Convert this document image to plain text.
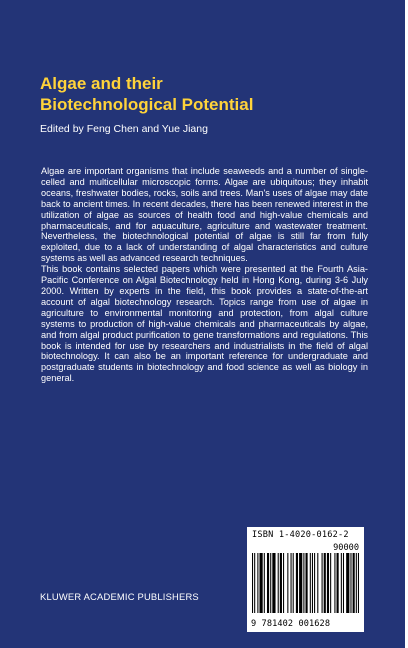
Algae and their
Biotechnological Potential
Edited by Feng Chen and Yue Jiang

Algae are important organisms that include seaweeds and a number of single-celled and multicellular microscopic forms. Algae are ubiquitous; they inhabit oceans, freshwater bodies, rocks, soils and trees. Man's uses of algae may date back to ancient times. In recent decades, there has been renewed interest in the utilization of algae as sources of health food and high-value chemicals and pharmaceuticals, and for aquaculture, agriculture and wastewater treatment. Nevertheless, the biotechnological potential of algae is still far from fully exploited, due to a lack of understanding of algal characteristics and culture systems as well as advanced research techniques.

This book contains selected papers which were presented at the Fourth Asia-Pacific Conference on Algal Biotechnology held in Hong Kong, during 3-6 July 2000. Written by experts in the field, this book provides a state-of-the-art account of algal biotechnology research. Topics range from use of algae in agriculture to environmental monitoring and protection, from algal culture systems to production of high-value chemicals and pharmaceuticals by algae, and from algal product purification to gene transformations and regulations. This book is intended for use by researchers and industrialists in the field of algal biotechnology. It can also be an important reference for undergraduate and postgraduate students in biotechnology and food science as well as biology in general.

ISBN 1-4020-0162-2
90000
9 781402 001628
KLUWER ACADEMIC PUBLISHERS
